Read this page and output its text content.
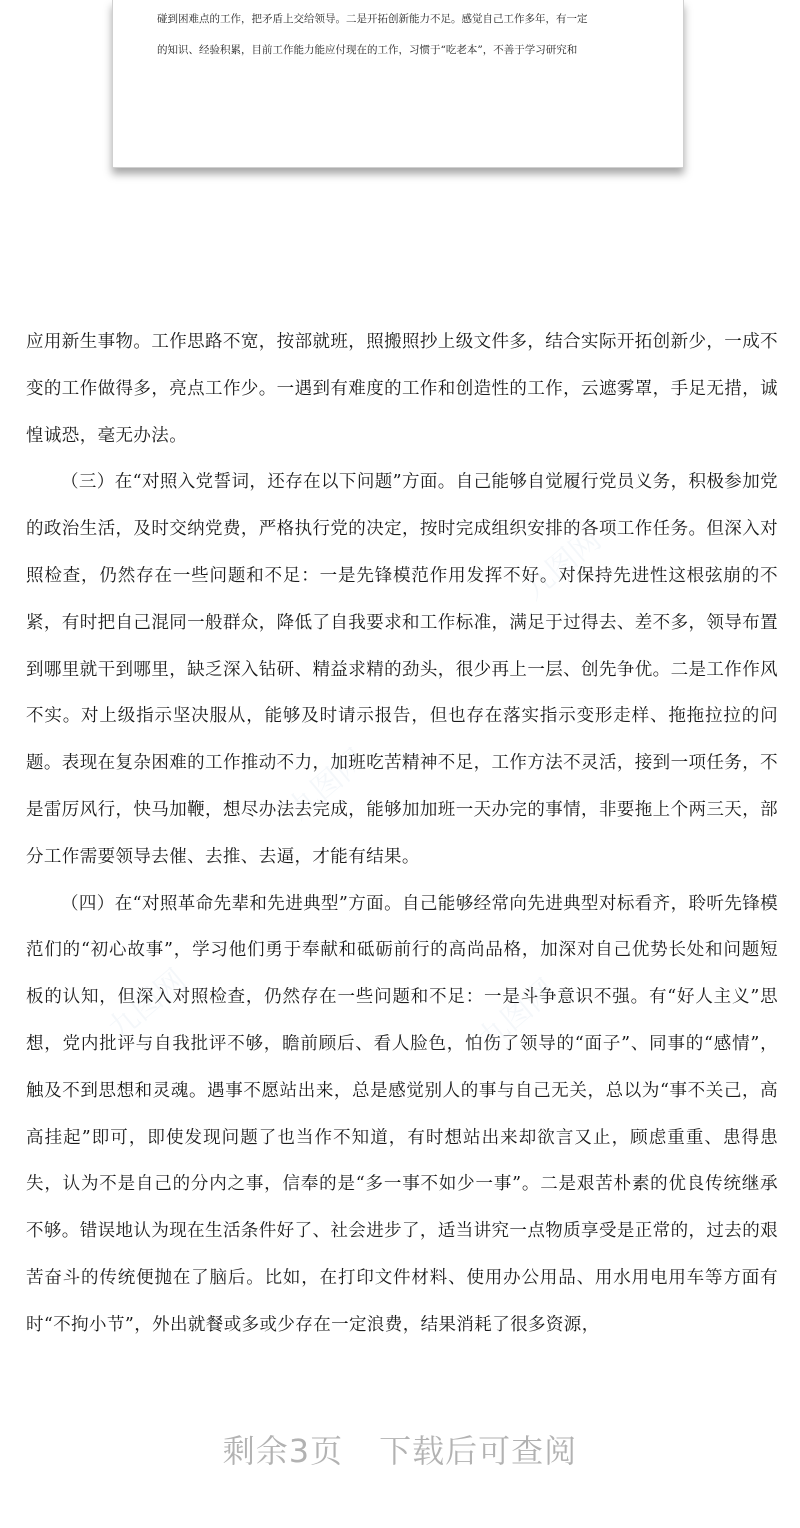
碰到困难点的工作，把矛盾上交给领导。二是开拓创新能力不足。感觉自己工作多年，有一定
的知识、经验积累，目前工作能力能应付现在的工作，习惯于“吃老本”，不善于学习研究和
九图网
九图网	九图网
九图网

应用新生事物。工作思路不宽，按部就班，照搬照抄上级文件多，结合实际开拓创新少，一成不变的工作做得多，亮点工作少。一遇到有难度的工作和创造性的工作，云遮雾罩，手足无措，诚惶诚恐，毫无办法。

（三）在“对照入党誓词，还存在以下问题”方面。自己能够自觉履行党员义务，积极参加党的政治生活，及时交纳党费，严格执行党的决定，按时完成组织安排的各项工作任务。但深入对照检查，仍然存在一些问题和不足：一是先锋模范作用发挥不好。对保持先进性这根弦崩的不紧，有时把自己混同一般群众，降低了自我要求和工作标准，满足于过得去、差不多，领导布置到哪里就干到哪里，缺乏深入钻研、精益求精的劲头，很少再上一层、创先争优。二是工作作风不实。对上级指示坚决服从，能够及时请示报告，但也存在落实指示变形走样、拖拖拉拉的问题。表现在复杂困难的工作推动不力，加班吃苦精神不足，工作方法不灵活，接到一项任务，不是雷厉风行，快马加鞭，想尽办法去完成，能够加加班一天办完的事情，非要拖上个两三天，部分工作需要领导去催、去推、去逼，才能有结果。

（四）在“对照革命先辈和先进典型”方面。自己能够经常向先进典型对标看齐，聆听先锋模范们的“初心故事”，学习他们勇于奉献和砥砺前行的高尚品格，加深对自己优势长处和问题短板的认知，但深入对照检查，仍然存在一些问题和不足：一是斗争意识不强。有“好人主义”思想，党内批评与自我批评不够，瞻前顾后、看人脸色，怕伤了领导的“面子”、同事的“感情”，触及不到思想和灵魂。遇事不愿站出来，总是感觉别人的事与自己无关，总以为“事不关己，高高挂起”即可，即使发现问题了也当作不知道，有时想站出来却欲言又止，顾虑重重、患得患失，认为不是自己的分内之事，信奉的是“多一事不如少一事”。二是艰苦朴素的优良传统继承不够。错误地认为现在生活条件好了、社会进步了，适当讲究一点物质享受是正常的，过去的艰苦奋斗的传统便抛在了脑后。比如，在打印文件材料、使用办公用品、用水用电用车等方面有时“不拘小节”，外出就餐或多或少存在一定浪费，结果消耗了很多资源，

剩余3页 下载后可查阅
